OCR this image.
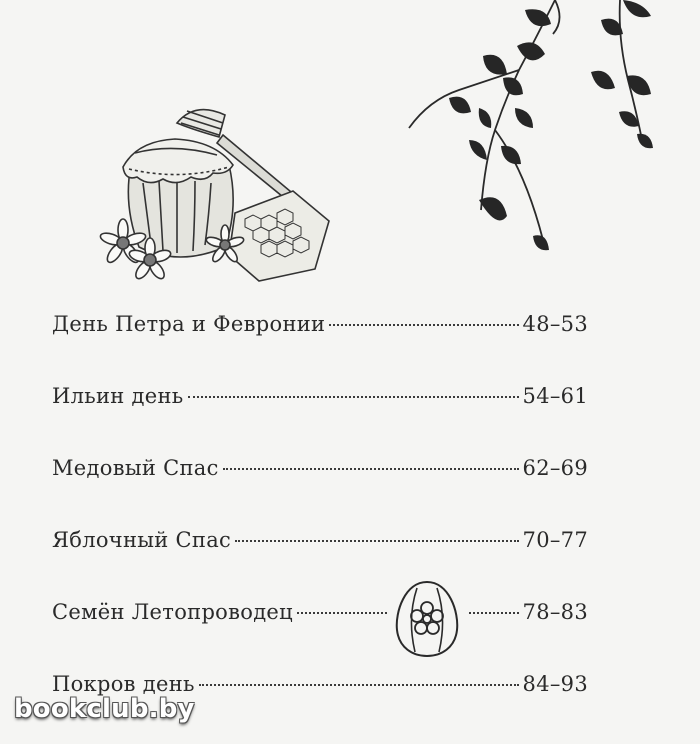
День Петра и Февронии	48–53
Ильин день	54–61
Медовый Спас	62–69
Яблочный Спас	70–77
Семён Летопроводец	78–83
Покров день	84–93
bookclub.by
